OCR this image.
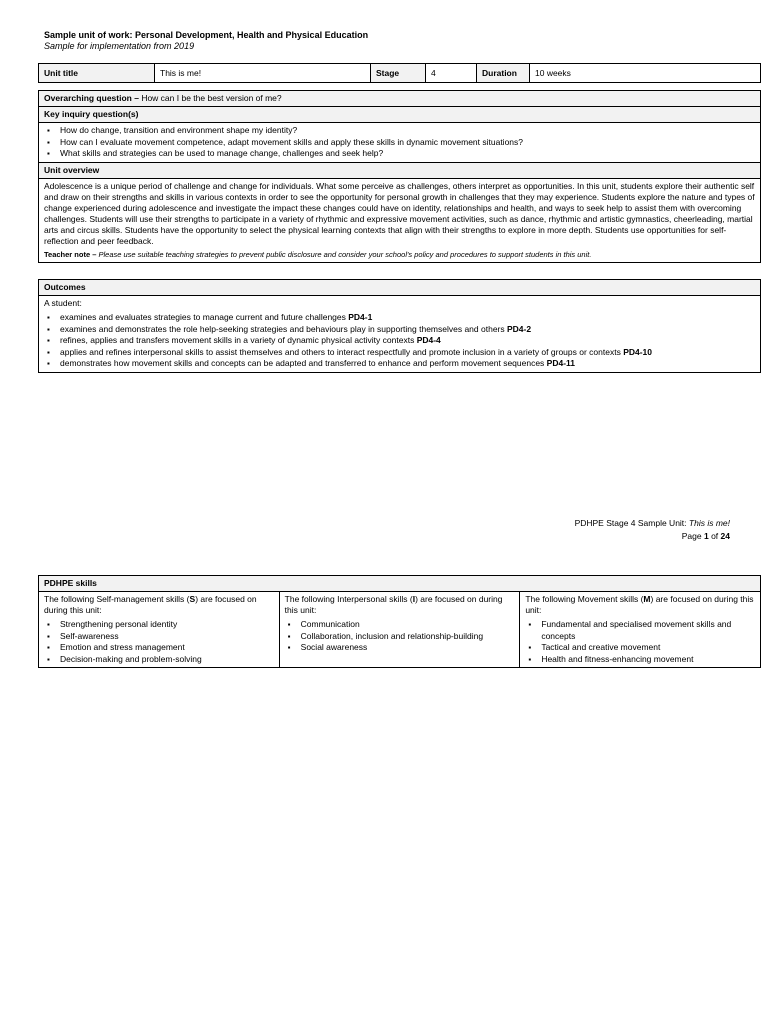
Sample unit of work: Personal Development, Health and Physical Education
Sample for implementation from 2019
Unit title	This is me!	Stage	4	Duration	10 weeks
Overarching question – How can I be the best version of me?
Key inquiry question(s)

▪ How do change, transition and environment shape my identity?
▪ How can I evaluate movement competence, adapt movement skills and apply these skills in dynamic movement situations?
▪ What skills and strategies can be used to manage change, challenges and seek help?

Unit overview

Adolescence is a unique period of challenge and change for individuals. What some perceive as challenges, others interpret as opportunities. In this unit, students explore their authentic self and draw on their strengths and skills in various contexts in order to see the opportunity for personal growth in challenges that they may experience. Students explore the nature and types of change experienced during adolescence and investigate the impact these changes could have on identity, relationships and health, and ways to seek help to assist them with overcoming challenges. Students will use their strengths to participate in a variety of rhythmic and expressive movement activities, such as dance, rhythmic and artistic gymnastics, cheerleading, martial arts and circus skills. Students have the opportunity to select the physical learning contexts that align with their strengths to explore in more depth. Students use opportunities for self-reflection and peer feedback.
Teacher note – Please use suitable teaching strategies to prevent public disclosure and consider your school's policy and procedures to support students in this unit.
Outcomes

A student:
▪ examines and evaluates strategies to manage current and future challenges PD4-1
▪ examines and demonstrates the role help-seeking strategies and behaviours play in supporting themselves and others PD4-2
▪ refines, applies and transfers movement skills in a variety of dynamic physical activity contexts PD4-4
▪ applies and refines interpersonal skills to assist themselves and others to interact respectfully and promote inclusion in a variety of groups or contexts PD4-10
▪ demonstrates how movement skills and concepts can be adapted and transferred to enhance and perform movement sequences PD4-11
PDHPE Stage 4 Sample Unit: This is me!
Page 1 of 24
PDHPE skills

The following Self-management skills (S) are focused on during this unit:
▪ Strengthening personal identity
▪ Self-awareness
▪ Emotion and stress management
▪ Decision-making and problem-solving

The following Interpersonal skills (I) are focused on during this unit:
▪ Communication
▪ Collaboration, inclusion and relationship-building
▪ Social awareness

The following Movement skills (M) are focused on during this unit:
▪ Fundamental and specialised movement skills and concepts
▪ Tactical and creative movement
▪ Health and fitness-enhancing movement
